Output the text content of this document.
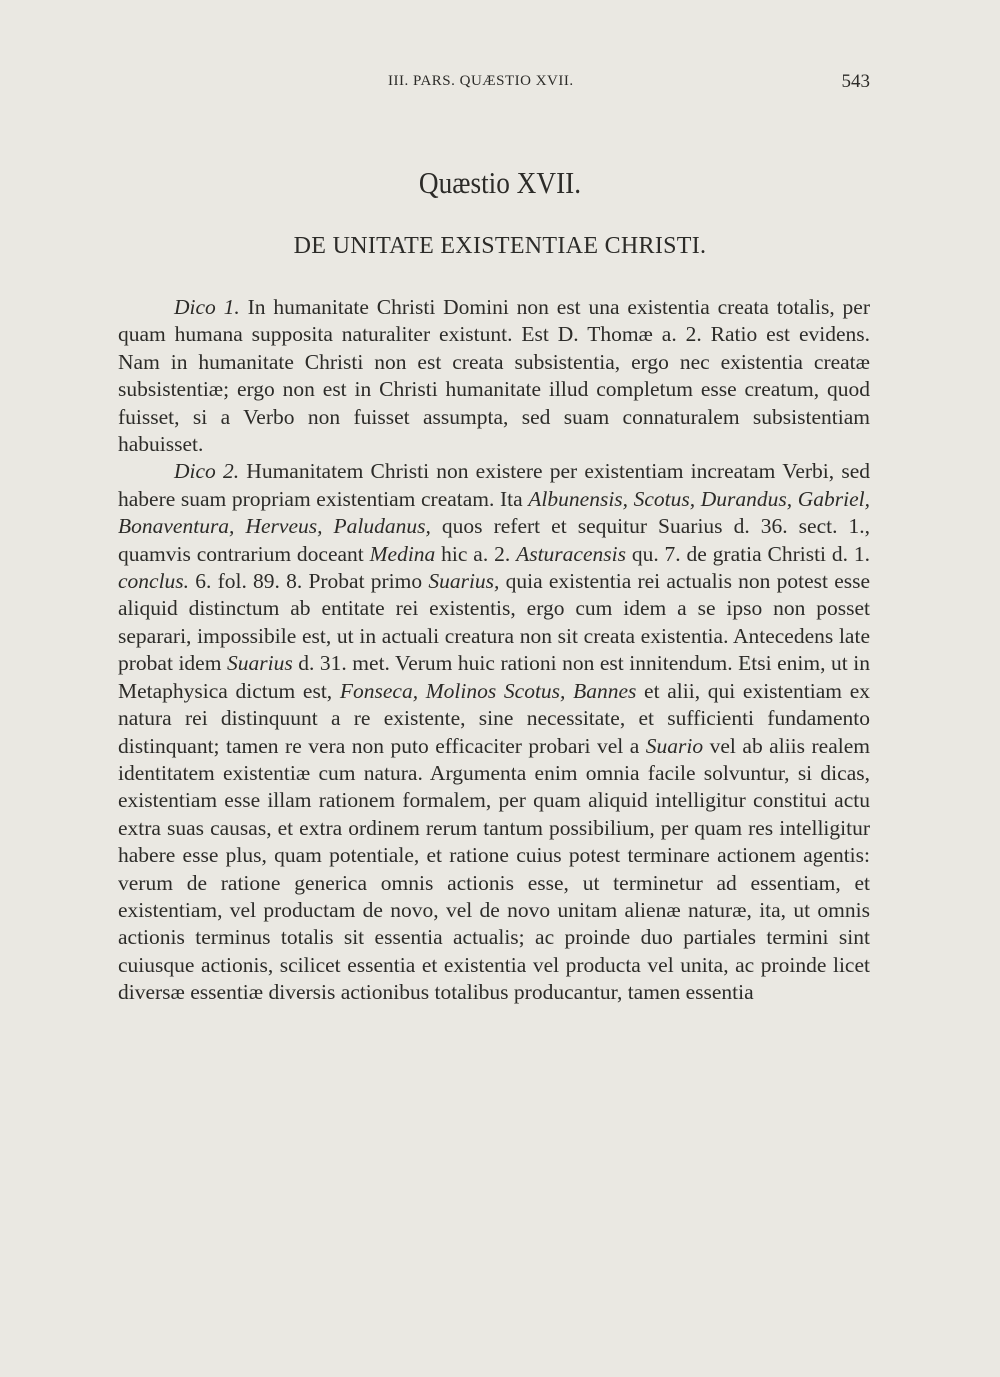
III. PARS. QUÆSTIO XVII.	543
Quæstio XVII.
DE UNITATE EXISTENTIAE CHRISTI.

Dico 1. In humanitate Christi Domini non est una existentia creata totalis, per quam humana supposita naturaliter existunt. Est D. Thomæ a. 2. Ratio est evidens. Nam in humanitate Christi non est creata subsistentia, ergo nec existentia creatæ subsistentiæ; ergo non est in Christi humanitate illud completum esse creatum, quod fuisset, si a Verbo non fuisset assumpta, sed suam connaturalem subsistentiam habuisset.

Dico 2. Humanitatem Christi non existere per existentiam increatam Verbi, sed habere suam propriam existentiam creatam. Ita Albunensis, Scotus, Durandus, Gabriel, Bonaventura, Herveus, Paludanus, quos refert et sequitur Suarius d. 36. sect. 1., quamvis contrarium doceant Medina hic a. 2. Asturacensis qu. 7. de gratia Christi d. 1. conclus. 6. fol. 89. 8. Probat primo Suarius, quia existentia rei actualis non potest esse aliquid distinctum ab entitate rei existentis, ergo cum idem a se ipso non posset separari, impossibile est, ut in actuali creatura non sit creata existentia. Antecedens late probat idem Suarius d. 31. met. Verum huic rationi non est innitendum. Etsi enim, ut in Metaphysica dictum est, Fonseca, Molinos Scotus, Bannes et alii, qui existentiam ex natura rei distinquunt a re existente, sine necessitate, et sufficienti fundamento distinquant; tamen re vera non puto efficaciter probari vel a Suario vel ab aliis realem identitatem existentiæ cum natura. Argumenta enim omnia facile solvuntur, si dicas, existentiam esse illam rationem formalem, per quam aliquid intelligitur constitui actu extra suas causas, et extra ordinem rerum tantum possibilium, per quam res intelligitur habere esse plus, quam potentiale, et ratione cuius potest terminare actionem agentis: verum de ratione generica omnis actionis esse, ut terminetur ad essentiam, et existentiam, vel productam de novo, vel de novo unitam alienæ naturæ, ita, ut omnis actionis terminus totalis sit essentia actualis; ac proinde duo partiales termini sint cuiusque actionis, scilicet essentia et existentia vel producta vel unita, ac proinde licet diversæ essentiæ diversis actionibus totalibus producantur, tamen essentia
